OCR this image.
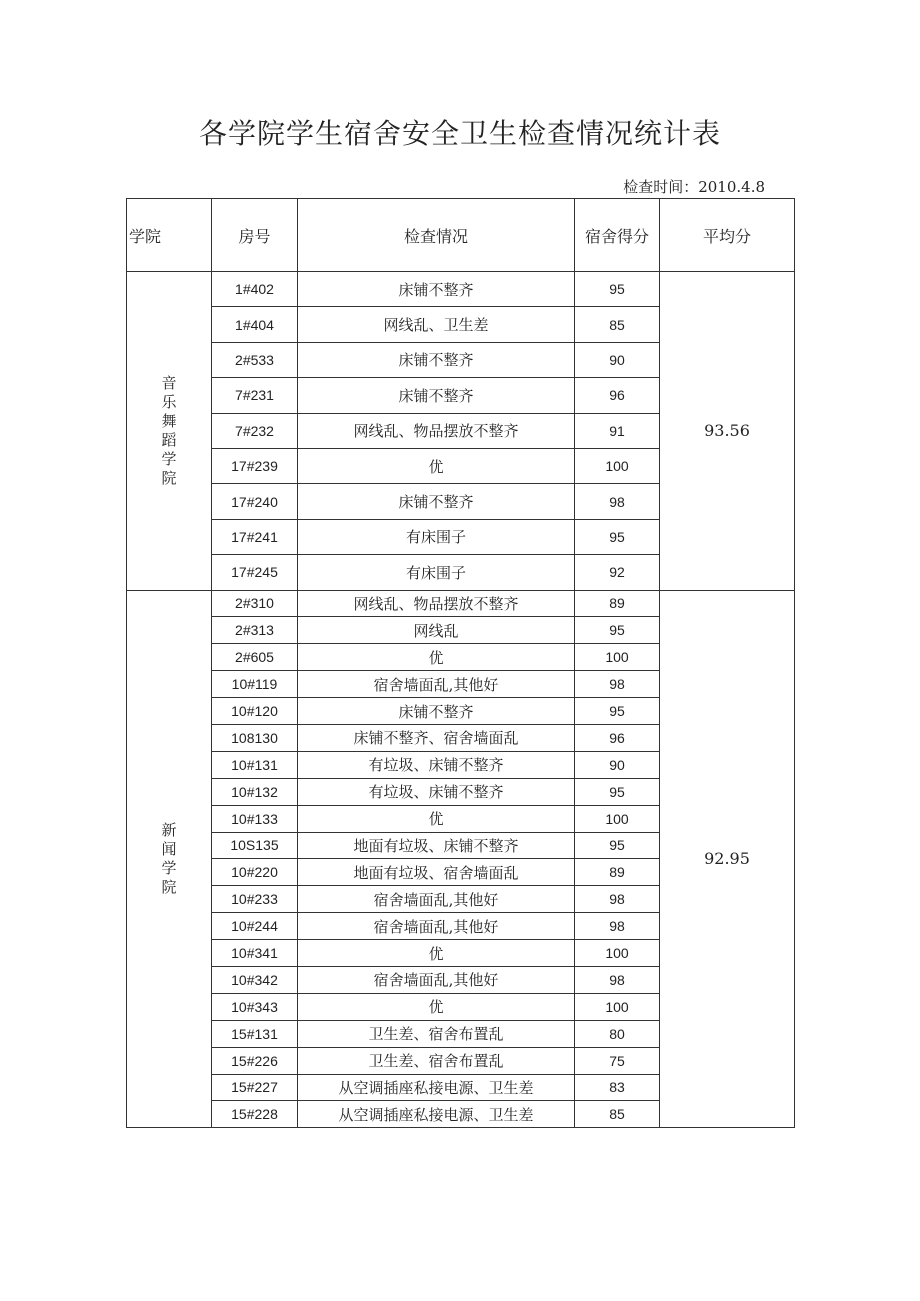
各学院学生宿舍安全卫生检查情况统计表
检查时间：2010.4.8
学院	房号	检查情况	宿舍得分	平均分
音乐舞蹈学院	1#402	床铺不整齐	95	93.56
	1#404	网线乱、卫生差	85	
	2#533	床铺不整齐	90	
	7#231	床铺不整齐	96	
	7#232	网线乱、物品摆放不整齐	91	
	17#239	优	100	
	17#240	床铺不整齐	98	
	17#241	有床围子	95	
	17#245	有床围子	92	
新闻学院	2#310	网线乱、物品摆放不整齐	89	92.95
	2#313	网线乱	95	
	2#605	优	100	
	10#119	宿舍墙面乱,其他好	98	
	10#120	床铺不整齐	95	
	108130	床铺不整齐、宿舍墙面乱	96	
	10#131	有垃圾、床铺不整齐	90	
	10#132	有垃圾、床铺不整齐	95	
	10#133	优	100	
	10S135	地面有垃圾、床铺不整齐	95	
	10#220	地面有垃圾、宿舍墙面乱	89	
	10#233	宿舍墙面乱,其他好	98	
	10#244	宿舍墙面乱,其他好	98	
	10#341	优	100	
	10#342	宿舍墙面乱,其他好	98	
	10#343	优	100	
	15#131	卫生差、宿舍布置乱	80	
	15#226	卫生差、宿舍布置乱	75	
	15#227	从空调插座私接电源、卫生差	83	
	15#228	从空调插座私接电源、卫生差	85	
